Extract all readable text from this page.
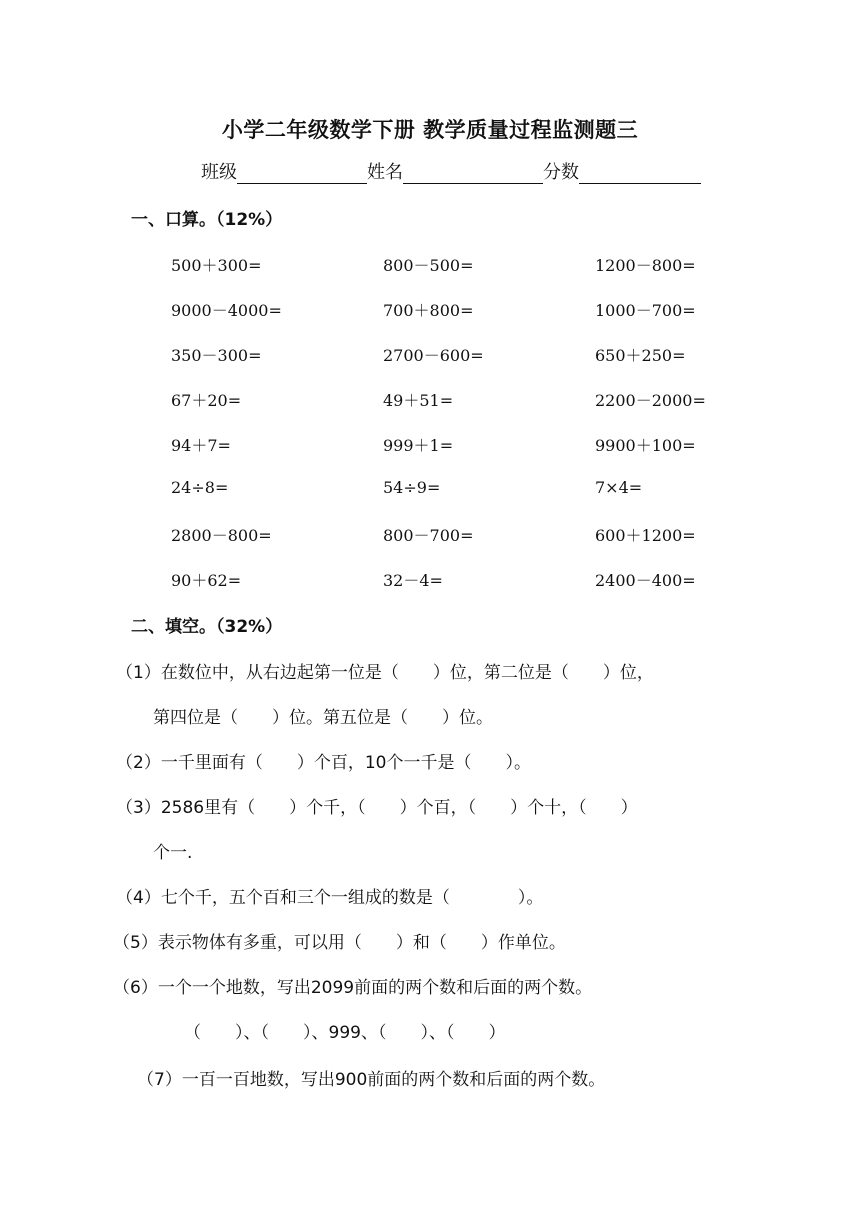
小学二年级数学下册 教学质量过程监测题三
班级	姓名	分数
一、口算。（12%）
500＋300=	800－500=	1200－800=
9000－4000=	700＋800=	1000－700=
350－300=	2700－600=	650＋250=
67＋20=	49＋51=	2200－2000=
94＋7=	999＋1=	9900＋100=
24÷8=	54÷9=	7×4=
2800－800=	800－700=	600＋1200=
90＋62=	32－4=	2400－400=
二、填空。（32%）
（1）在数位中，从右边起第一位是（　　）位，第二位是（　　）位，
第四位是（　　）位。第五位是（　　）位。
（2）一千里面有（　　）个百，10个一千是（　　）。
（3）2586里有（　　）个千，（　　）个百，（　　）个十，（　　）
个一.
（4）七个千，五个百和三个一组成的数是（　　　　）。
（5）表示物体有多重，可以用（　　）和（　　）作单位。
（6）一个一个地数，写出2099前面的两个数和后面的两个数。
（　　）、（　　）、999、（　　）、（　　）
（7）一百一百地数，写出900前面的两个数和后面的两个数。
